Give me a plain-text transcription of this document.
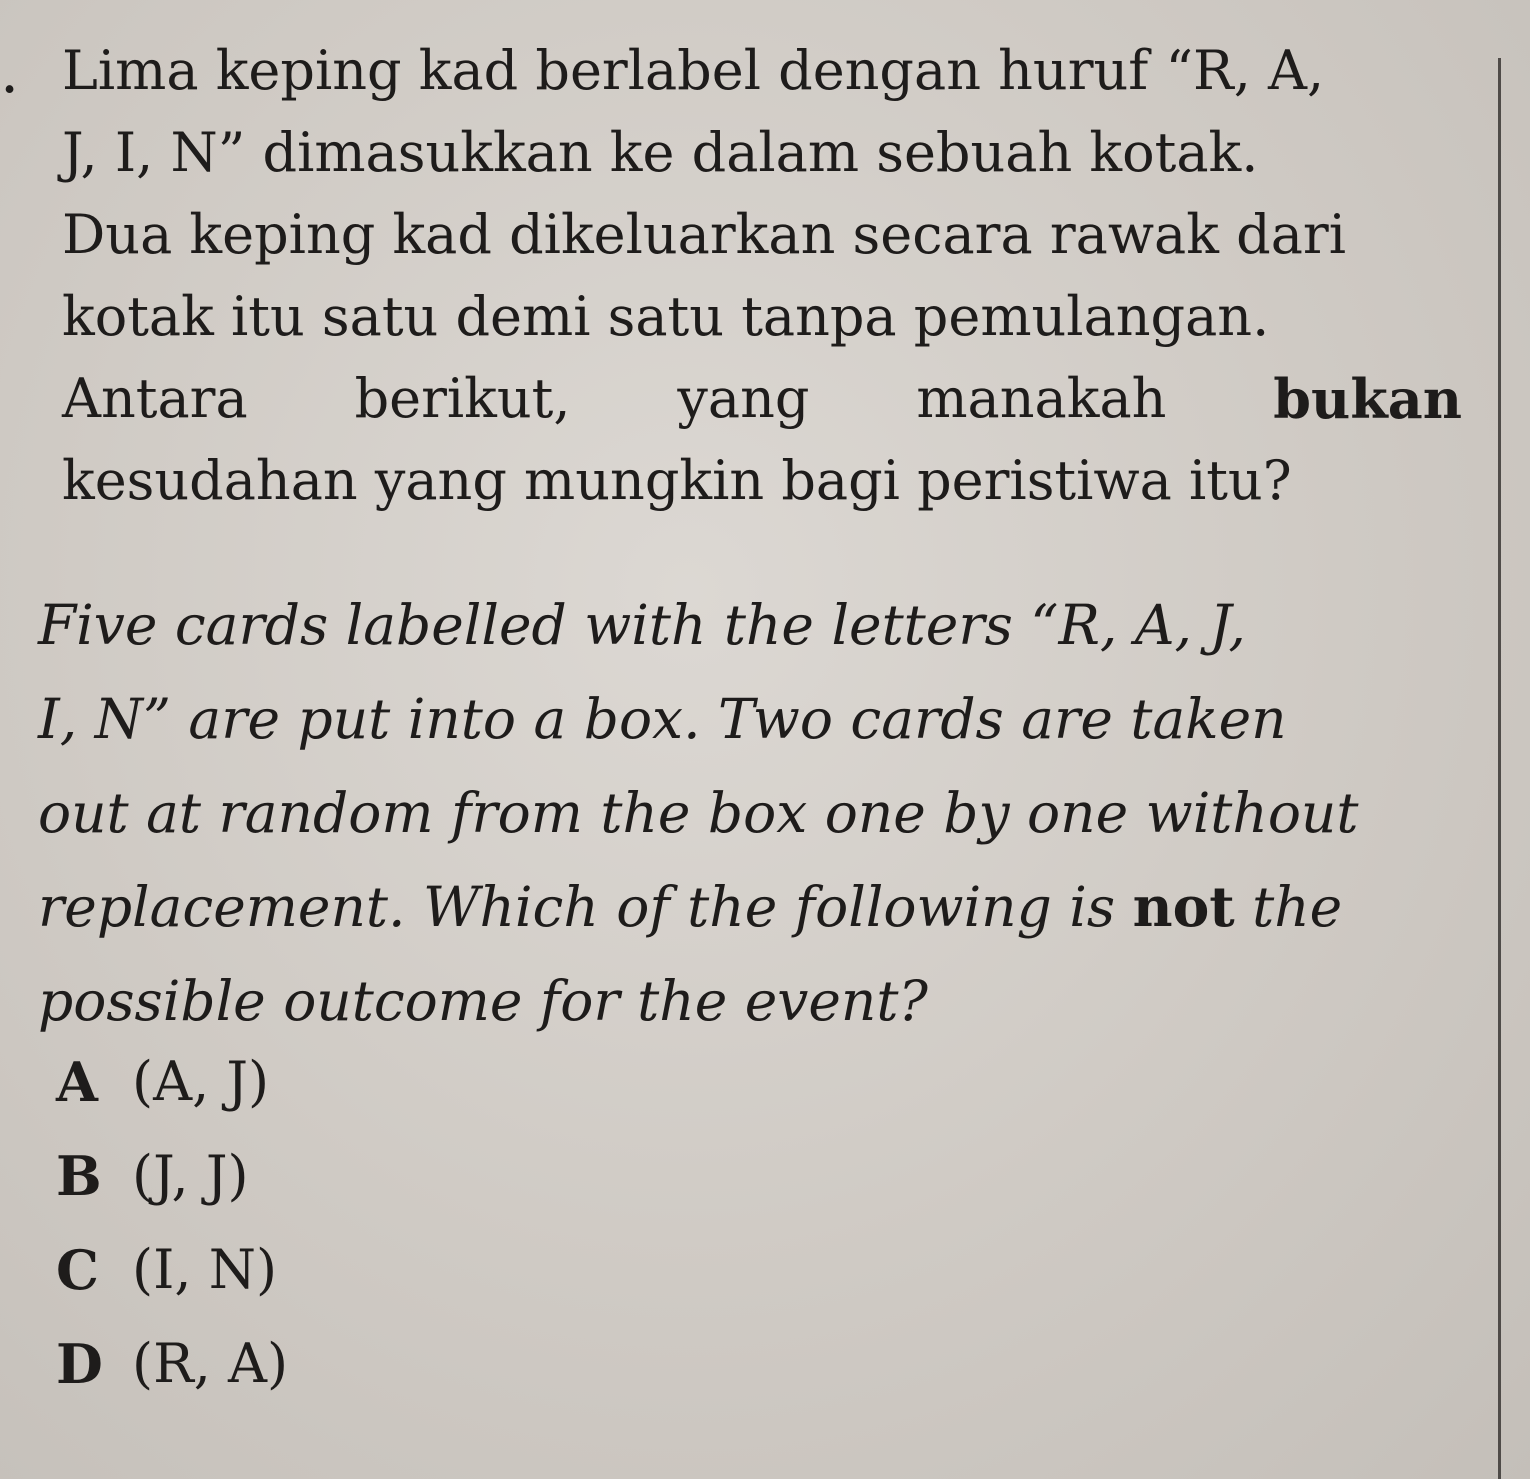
. Lima keping kad berlabel dengan huruf “R, A,
J, I, N” dimasukkan ke dalam sebuah kotak.
Dua keping kad dikeluarkan secara rawak dari
kotak itu satu demi satu tanpa pemulangan.
Antara berikut, yang manakah bukan
kesudahan yang mungkin bagi peristiwa itu?
Five cards labelled with the letters “R, A, J,
I, N” are put into a box. Two cards are taken
out at random from the box one by one without
replacement. Which of the following is not the
possible outcome for the event?
A (A, J)
B (J, J)
C (I, N)
D (R, A)
